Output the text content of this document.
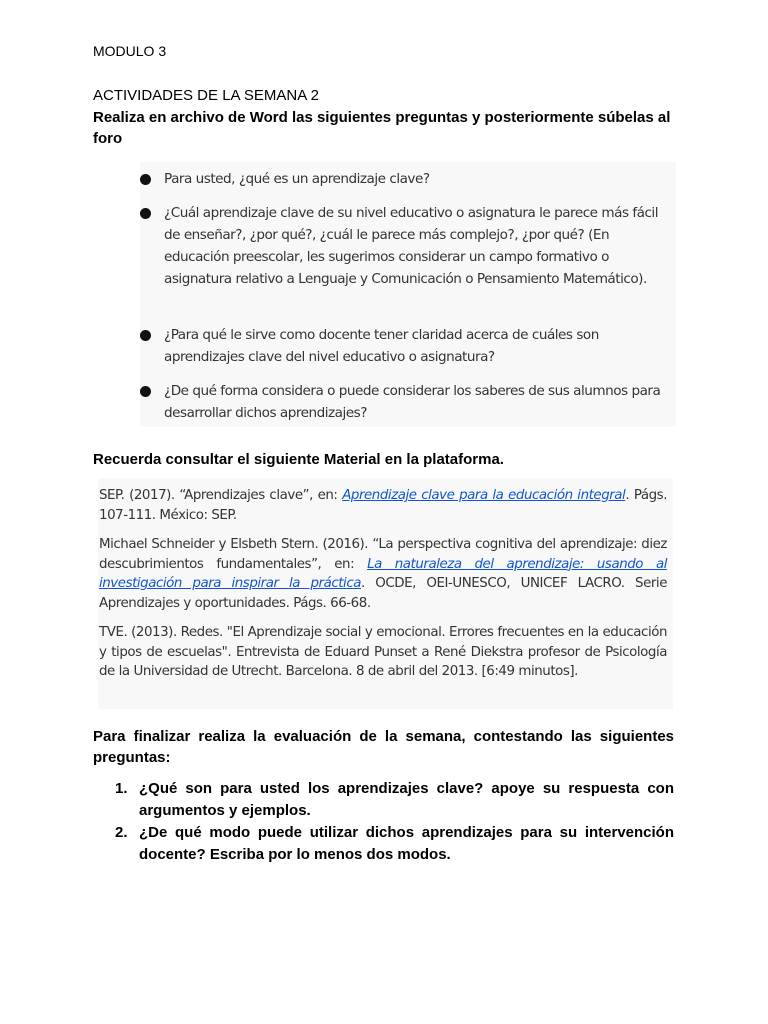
MODULO 3
ACTIVIDADES DE LA SEMANA 2
Realiza en archivo de Word las siguientes preguntas y posteriormente súbelas al foro
Para usted, ¿qué es un aprendizaje clave?
¿Cuál aprendizaje clave de su nivel educativo o asignatura le parece más fácil de enseñar?, ¿por qué?, ¿cuál le parece más complejo?, ¿por qué? (En educación preescolar, les sugerimos considerar un campo formativo o asignatura relativo a Lenguaje y Comunicación o Pensamiento Matemático).
¿Para qué le sirve como docente tener claridad acerca de cuáles son aprendizajes clave del nivel educativo o asignatura?
¿De qué forma considera o puede considerar los saberes de sus alumnos para desarrollar dichos aprendizajes?
Recuerda consultar el siguiente Material en la plataforma.

SEP. (2017). “Aprendizajes clave”, en: Aprendizaje clave para la educación integral. Págs. 107-111. México: SEP.

Michael Schneider y Elsbeth Stern. (2016). “La perspectiva cognitiva del aprendizaje: diez descubrimientos fundamentales”, en: La naturaleza del aprendizaje: usando al investigación para inspirar la práctica. OCDE, OEI-UNESCO, UNICEF LACRO. Serie Aprendizajes y oportunidades. Págs. 66-68.

TVE. (2013). Redes. "El Aprendizaje social y emocional. Errores frecuentes en la educación y tipos de escuelas". Entrevista de Eduard Punset a René Diekstra profesor de Psicología de la Universidad de Utrecht. Barcelona. 8 de abril del 2013. [6:49 minutos].

Para finalizar realiza la evaluación de la semana, contestando las siguientes preguntas:
1. ¿Qué son para usted los aprendizajes clave? apoye su respuesta con argumentos y ejemplos.
2. ¿De qué modo puede utilizar dichos aprendizajes para su intervención docente? Escriba por lo menos dos modos.
